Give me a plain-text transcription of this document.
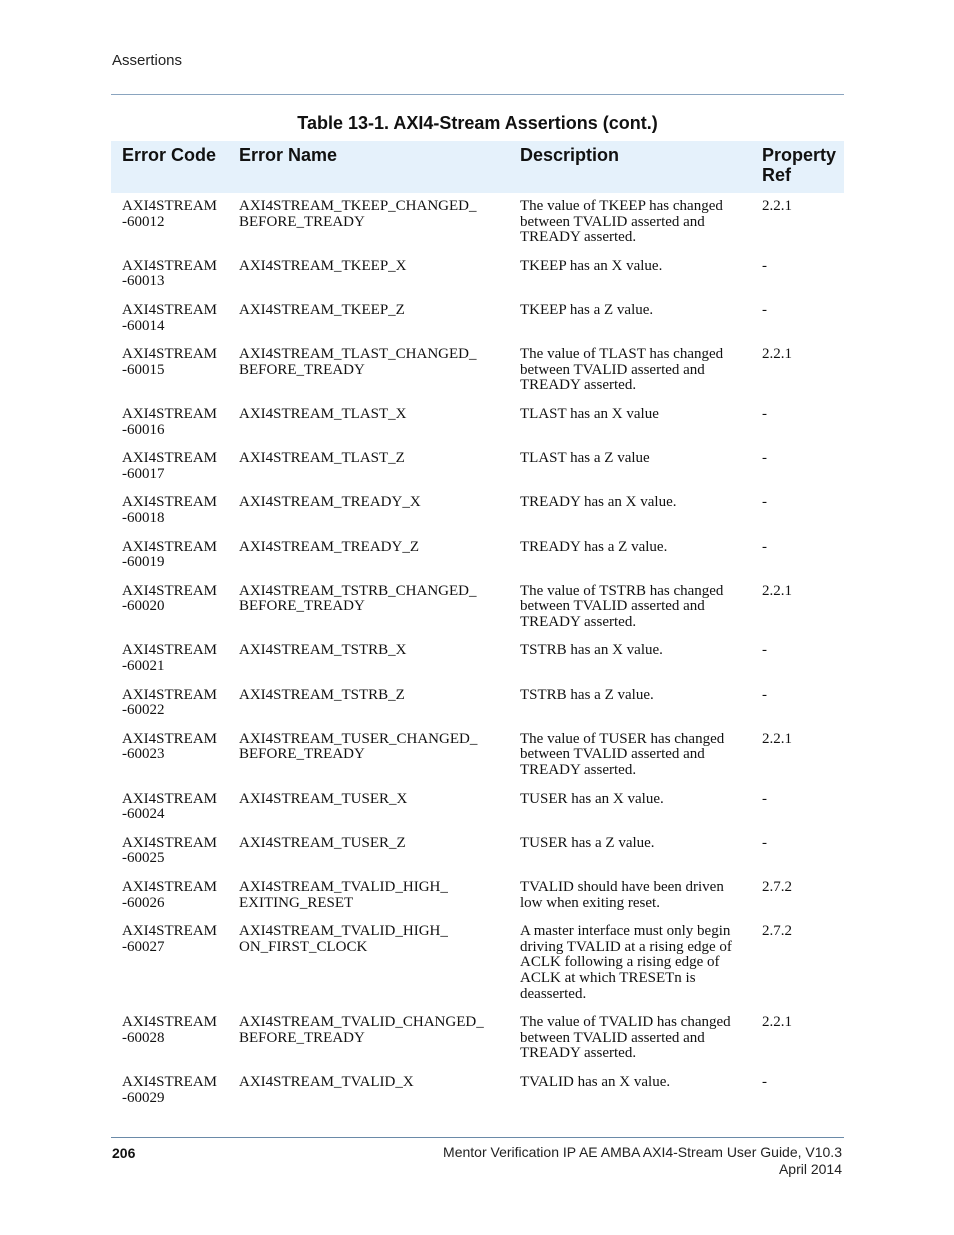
Assertions
Table 13-1. AXI4-Stream Assertions (cont.)
Error Code	Error Name	Description	Property Ref
AXI4STREAM
-60012	AXI4STREAM_TKEEP_CHANGED_
BEFORE_TREADY	The value of TKEEP has changed between TVALID asserted and TREADY asserted.	2.2.1
AXI4STREAM
-60013	AXI4STREAM_TKEEP_X	TKEEP has an X value.	-
AXI4STREAM
-60014	AXI4STREAM_TKEEP_Z	TKEEP has a Z value.	-
AXI4STREAM
-60015	AXI4STREAM_TLAST_CHANGED_
BEFORE_TREADY	The value of TLAST has changed between TVALID asserted and TREADY asserted.	2.2.1
AXI4STREAM
-60016	AXI4STREAM_TLAST_X	TLAST has an X value	-
AXI4STREAM
-60017	AXI4STREAM_TLAST_Z	TLAST has a Z value	-
AXI4STREAM
-60018	AXI4STREAM_TREADY_X	TREADY has an X value.	-
AXI4STREAM
-60019	AXI4STREAM_TREADY_Z	TREADY has a Z value.	-
AXI4STREAM
-60020	AXI4STREAM_TSTRB_CHANGED_
BEFORE_TREADY	The value of TSTRB has changed between TVALID asserted and TREADY asserted.	2.2.1
AXI4STREAM
-60021	AXI4STREAM_TSTRB_X	TSTRB has an X value.	-
AXI4STREAM
-60022	AXI4STREAM_TSTRB_Z	TSTRB has a Z value.	-
AXI4STREAM
-60023	AXI4STREAM_TUSER_CHANGED_
BEFORE_TREADY	The value of TUSER has changed between TVALID asserted and TREADY asserted.	2.2.1
AXI4STREAM
-60024	AXI4STREAM_TUSER_X	TUSER has an X value.	-
AXI4STREAM
-60025	AXI4STREAM_TUSER_Z	TUSER has a Z value.	-
AXI4STREAM
-60026	AXI4STREAM_TVALID_HIGH_
EXITING_RESET	TVALID should have been driven low when exiting reset.	2.7.2
AXI4STREAM
-60027	AXI4STREAM_TVALID_HIGH_
ON_FIRST_CLOCK	A master interface must only begin driving TVALID at a rising edge of ACLK following a rising edge of ACLK at which TRESETn is deasserted.	2.7.2
AXI4STREAM
-60028	AXI4STREAM_TVALID_CHANGED_
BEFORE_TREADY	The value of TVALID has changed between TVALID asserted and TREADY asserted.	2.2.1
AXI4STREAM
-60029	AXI4STREAM_TVALID_X	TVALID has an X value.	-
206	Mentor Verification IP AE AMBA AXI4-Stream User Guide, V10.3
April 2014
